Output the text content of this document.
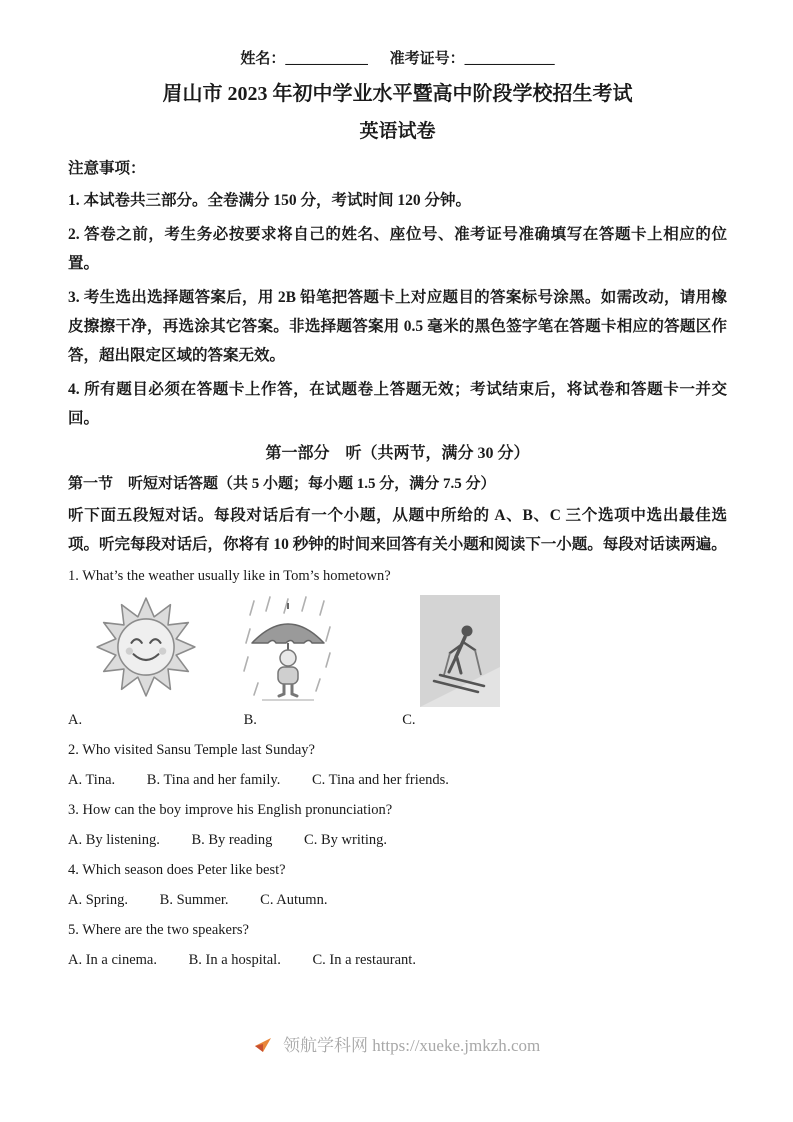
姓名：___________ 准考证号：____________
眉山市 2023 年初中学业水平暨高中阶段学校招生考试
英语试卷

注意事项：

1. 本试卷共三部分。全卷满分 150 分，考试时间 120 分钟。

2. 答卷之前，考生务必按要求将自己的姓名、座位号、准考证号准确填写在答题卡上相应的位置。

3. 考生选出选择题答案后，用 2B 铅笔把答题卡上对应题目的答案标号涂黑。如需改动，请用橡皮擦擦干净，再选涂其它答案。非选择题答案用 0.5 毫米的黑色签字笔在答题卡相应的答题区作答，超出限定区域的答案无效。

4. 所有题目必须在答题卡上作答，在试题卷上答题无效；考试结束后，将试卷和答题卡一并交回。

第一部分　听（共两节，满分 30 分）

第一节　听短对话答题（共 5 小题；每小题 1.5 分，满分 7.5 分）

听下面五段短对话。每段对话后有一个小题，从题中所给的 A、B、C 三个选项中选出最佳选项。听完每段对话后，你将有 10 秒钟的时间来回答有关小题和阅读下一小题。每段对话读两遍。

1. What’s the weather usually like in Tom’s hometown?

A.	B.	C.

2. Who visited Sansu Temple last Sunday?

A. Tina. B. Tina and her family. C. Tina and her friends.

3. How can the boy improve his English pronunciation?

A. By listening. B. By reading C. By writing.

4. Which season does Peter like best?

A. Spring. B. Summer. C. Autumn.

5. Where are the two speakers?

A. In a cinema. B. In a hospital. C. In a restaurant.

领航学科网 https://xueke.jmkzh.com
